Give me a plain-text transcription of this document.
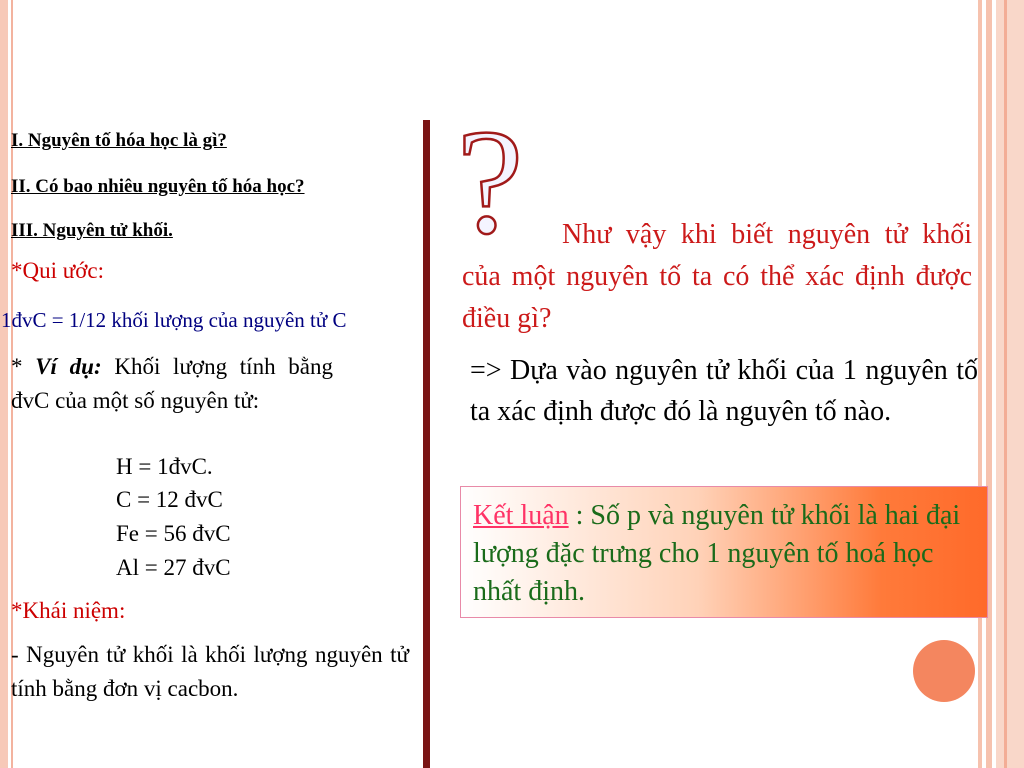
I. Nguyên tố hóa học là gì?
II. Có bao nhiêu nguyên tố hóa học?
III. Nguyên tử khối.
*Qui ước:
1đvC = 1/12 khối lượng của nguyên tử C
* Ví dụ: Khối lượng tính bằng đvC của một số nguyên tử:
H = 1đvC.
C = 12 đvC
Fe = 56 đvC
Al = 27 đvC
*Khái niệm:
- Nguyên tử khối là khối lượng nguyên tử tính bằng đơn vị cacbon.
?	Như vậy khi biết nguyên tử khối của một nguyên tố ta có thể xác định được điều gì?
=> Dựa vào nguyên tử khối của 1 nguyên tố ta xác định được đó là nguyên tố nào.
Kết luận : Số p và nguyên tử khối là hai đại lượng đặc trưng cho 1 nguyên tố hoá học nhất định.
